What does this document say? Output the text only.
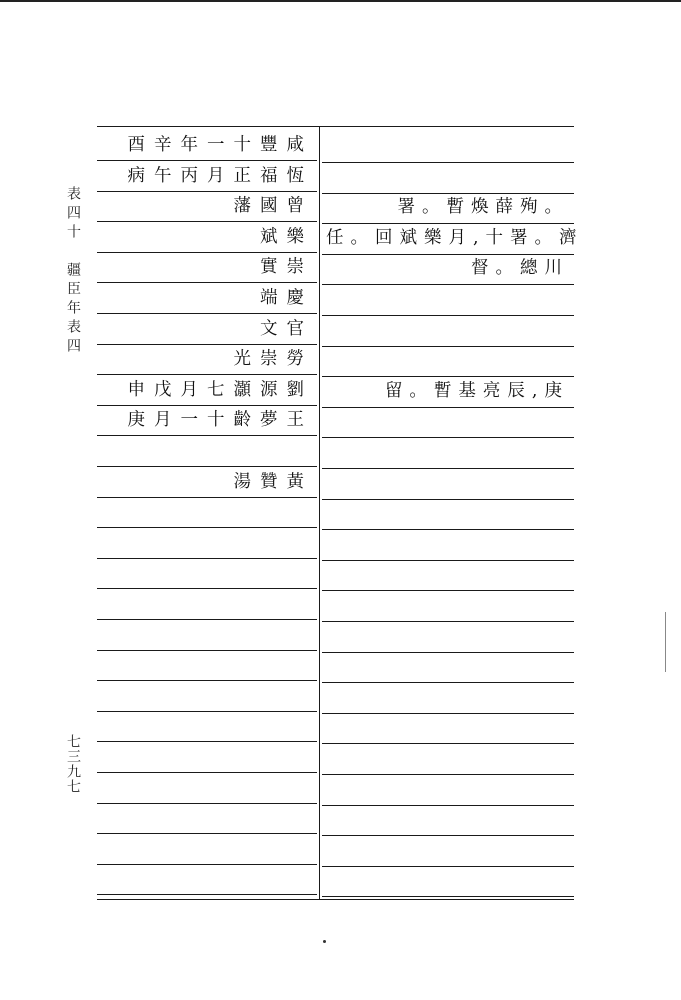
表四十　疆臣年表四
七三九七
酉辛年一十豐咸
病午丙月正福恆
藩國曾	署。暫煥薛殉。
斌樂 任。回斌樂月,十署。濟
實崇	督。總川
端慶
文官
光崇勞
申戊月七灝源劉	留。暫基亮辰,庚
庚月一十齡夢王
湯贊黃
